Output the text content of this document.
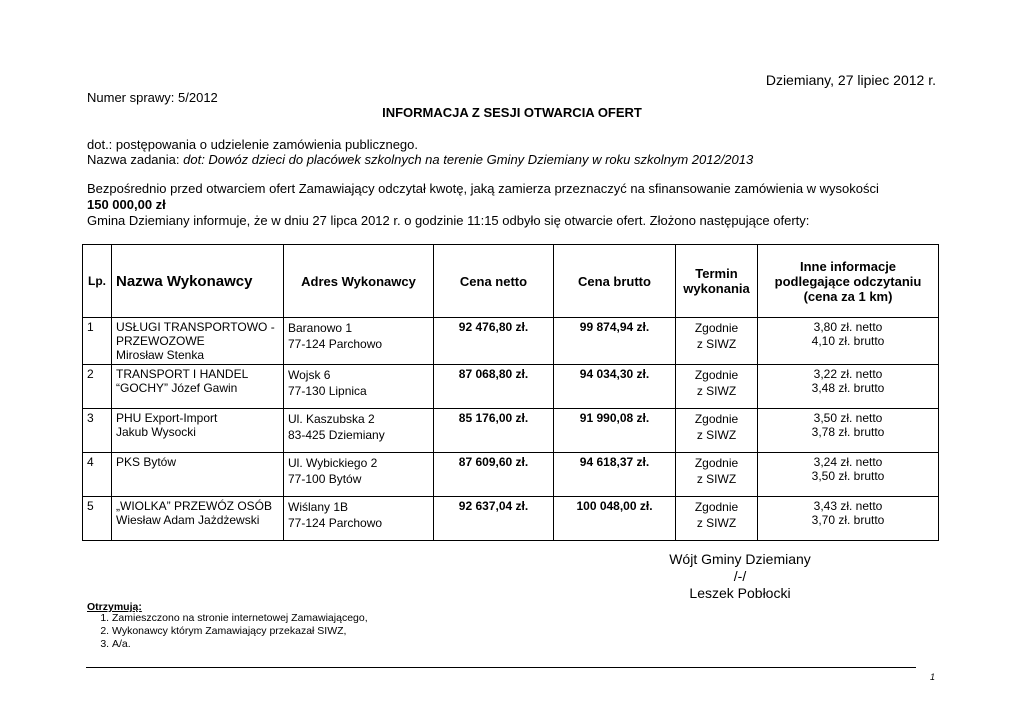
Dziemiany, 27 lipiec 2012 r.
Numer sprawy: 5/2012
INFORMACJA Z SESJI OTWARCIA OFERT
dot.: postępowania o udzielenie zamówienia publicznego.
Nazwa zadania: dot: Dowóz dzieci do placówek szkolnych na terenie Gminy Dziemiany w roku szkolnym 2012/2013
Bezpośrednio przed otwarciem ofert Zamawiający odczytał kwotę, jaką zamierza przeznaczyć na sfinansowanie zamówienia w wysokości
150 000,00 zł
Gmina Dziemiany informuje, że w dniu 27 lipca 2012 r. o godzinie 11:15 odbyło się otwarcie ofert. Złożono następujące oferty:
Lp.	Nazwa Wykonawcy	Adres Wykonawcy	Cena netto	Cena brutto	Termin wykonania	Inne informacje podlegające odczytaniu (cena za 1 km)
1	USŁUGI TRANSPORTOWO -
PRZEWOZOWE
Mirosław Stenka	Baranowo 1
77-124 Parchowo	92 476,80 zł.	99 874,94 zł.	Zgodnie
z SIWZ	3,80 zł. netto
4,10 zł. brutto

2	TRANSPORT I HANDEL
“GOCHY” Józef Gawin	Wojsk 6
77-130 Lipnica	87 068,80 zł.	94 034,30 zł.	Zgodnie
z SIWZ	3,22 zł. netto
3,48 zł. brutto

3	PHU Export-Import
Jakub Wysocki	Ul. Kaszubska 2
83-425 Dziemiany	85 176,00 zł.	91 990,08 zł.	Zgodnie
z SIWZ	3,50 zł. netto
3,78 zł. brutto

4	PKS Bytów	Ul. Wybickiego 2
77-100 Bytów	87 609,60 zł.	94 618,37 zł.	Zgodnie
z SIWZ	3,24 zł. netto
3,50 zł. brutto

5	„WIOLKA” PRZEWÓZ OSÓB
Wiesław Adam Jażdżewski	Wiślany 1B
77-124 Parchowo	92 637,04 zł.	100 048,00 zł.	Zgodnie
z SIWZ	3,43 zł. netto
3,70 zł. brutto
Wójt Gminy Dziemiany
/-/
Leszek Pobłocki
Otrzymują:
1. Zamieszczono na stronie internetowej Zamawiającego,
2. Wykonawcy którym Zamawiający przekazał SIWZ,
3. A/a.
1
